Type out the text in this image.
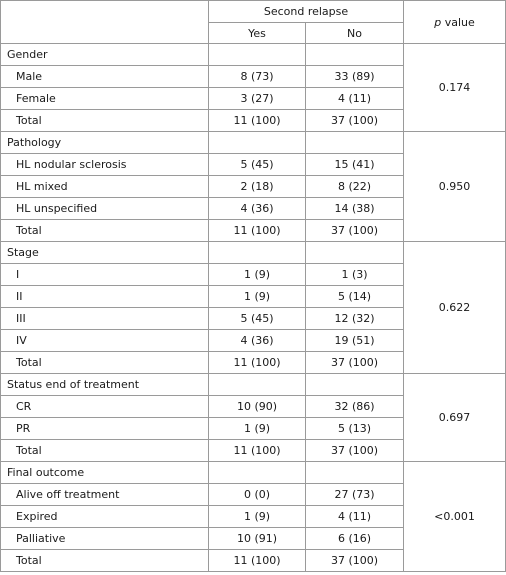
	Second relapse		p value
	Yes	No	
Gender			0.174
Male	8 (73)	33 (89)	
Female	3 (27)	4 (11)	
Total	11 (100)	37 (100)	
Pathology			0.950
HL nodular sclerosis	5 (45)	15 (41)	
HL mixed	2 (18)	8 (22)	
HL unspecified	4 (36)	14 (38)	
Total	11 (100)	37 (100)	
Stage			0.622
I	1 (9)	1 (3)	
II	1 (9)	5 (14)	
III	5 (45)	12 (32)	
IV	4 (36)	19 (51)	
Total	11 (100)	37 (100)	
Status end of treatment			0.697
CR	10 (90)	32 (86)	
PR	1 (9)	5 (13)	
Total	11 (100)	37 (100)	
Final outcome			<0.001
Alive off treatment	0 (0)	27 (73)	
Expired	1 (9)	4 (11)	
Palliative	10 (91)	6 (16)	
Total	11 (100)	37 (100)	
